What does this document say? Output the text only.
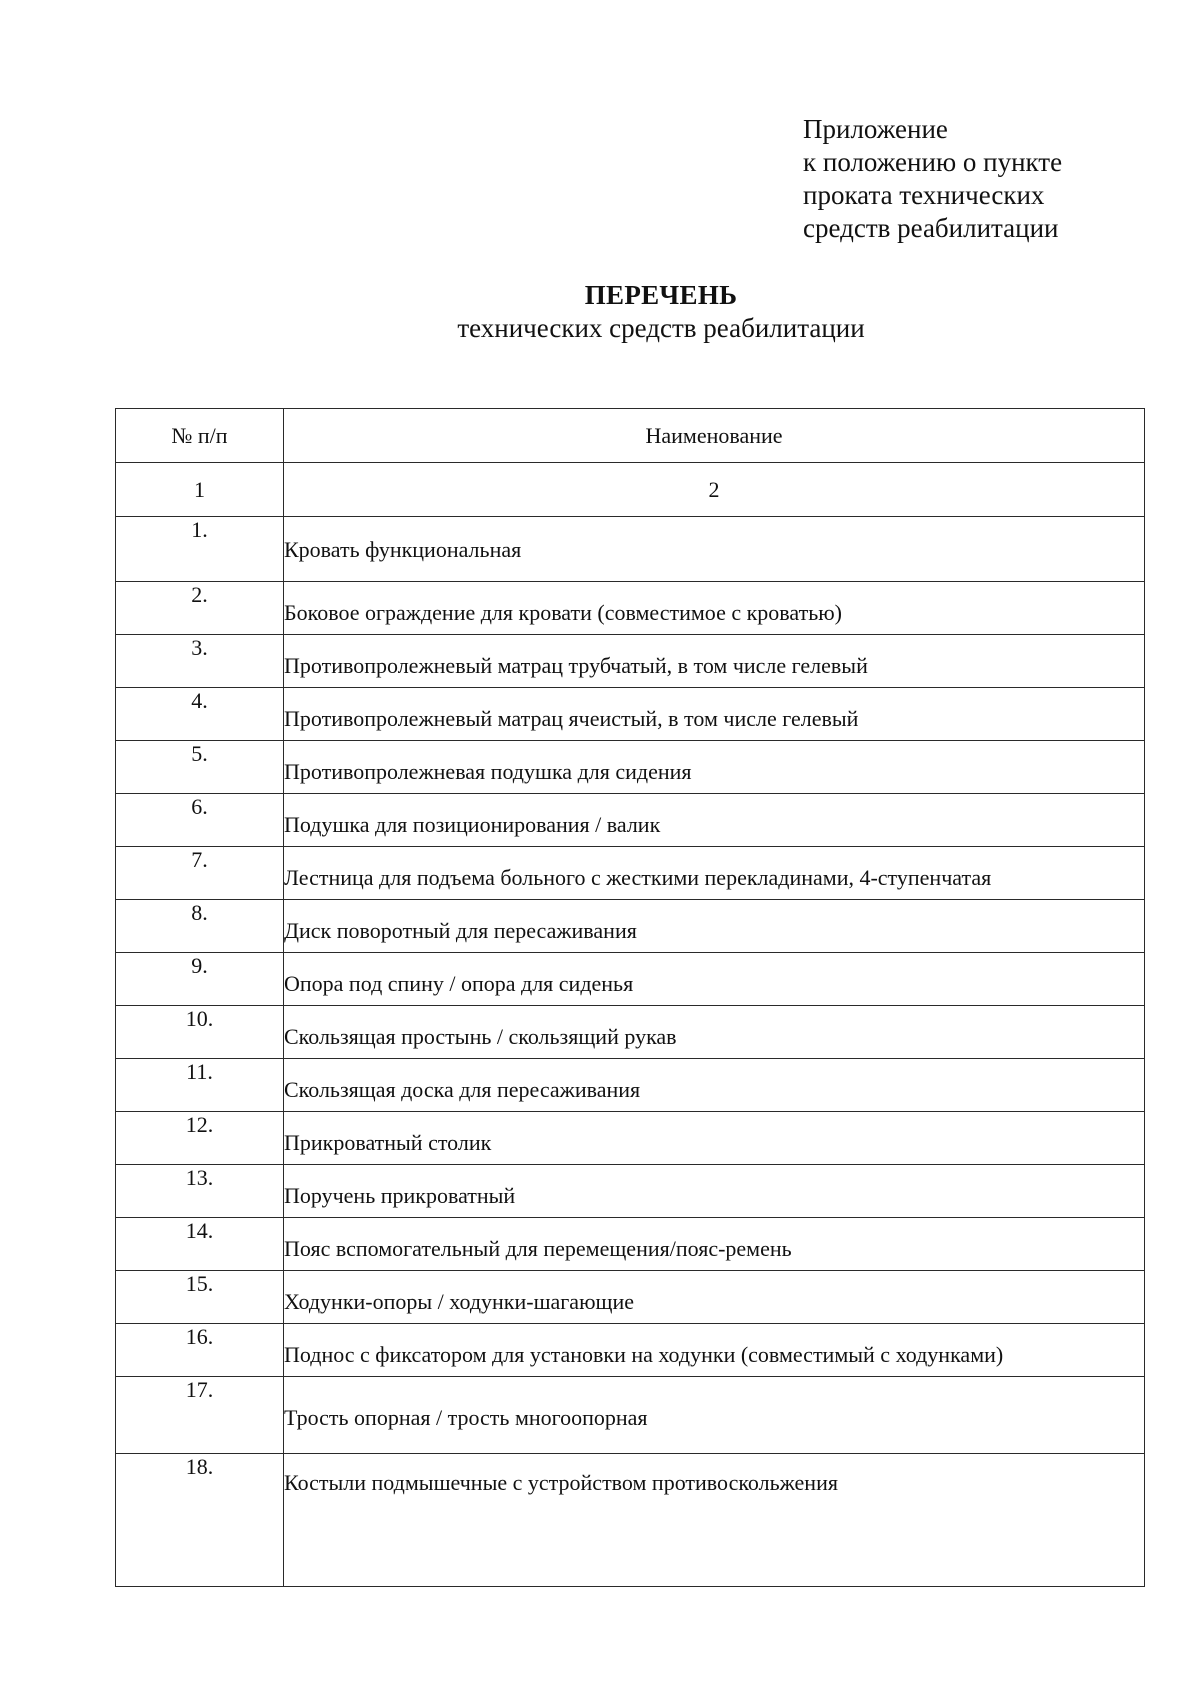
Приложение
к положению о пункте
проката технических
средств реабилитации
ПЕРЕЧЕНЬ
технических средств реабилитации
№ п/п	Наименование
1	2
1.	Кровать функциональная
2.	Боковое ограждение для кровати (совместимое с кроватью)
3.	Противопролежневый матрац трубчатый, в том числе гелевый
4.	Противопролежневый матрац ячеистый, в том числе гелевый
5.	Противопролежневая подушка для сидения
6.	Подушка для позиционирования / валик
7.	Лестница для подъема больного с жесткими перекладинами, 4-ступенчатая
8.	Диск поворотный для пересаживания
9.	Опора под спину / опора для сиденья
10.	Скользящая простынь / скользящий рукав
11.	Скользящая доска для пересаживания
12.	Прикроватный столик
13.	Поручень прикроватный
14.	Пояс вспомогательный для перемещения/пояс-ремень
15.	Ходунки-опоры / ходунки-шагающие
16.	Поднос с фиксатором для установки на ходунки (совместимый с ходунками)
17.	Трость опорная / трость многоопорная
18.	Костыли подмышечные с устройством противоскольжения
